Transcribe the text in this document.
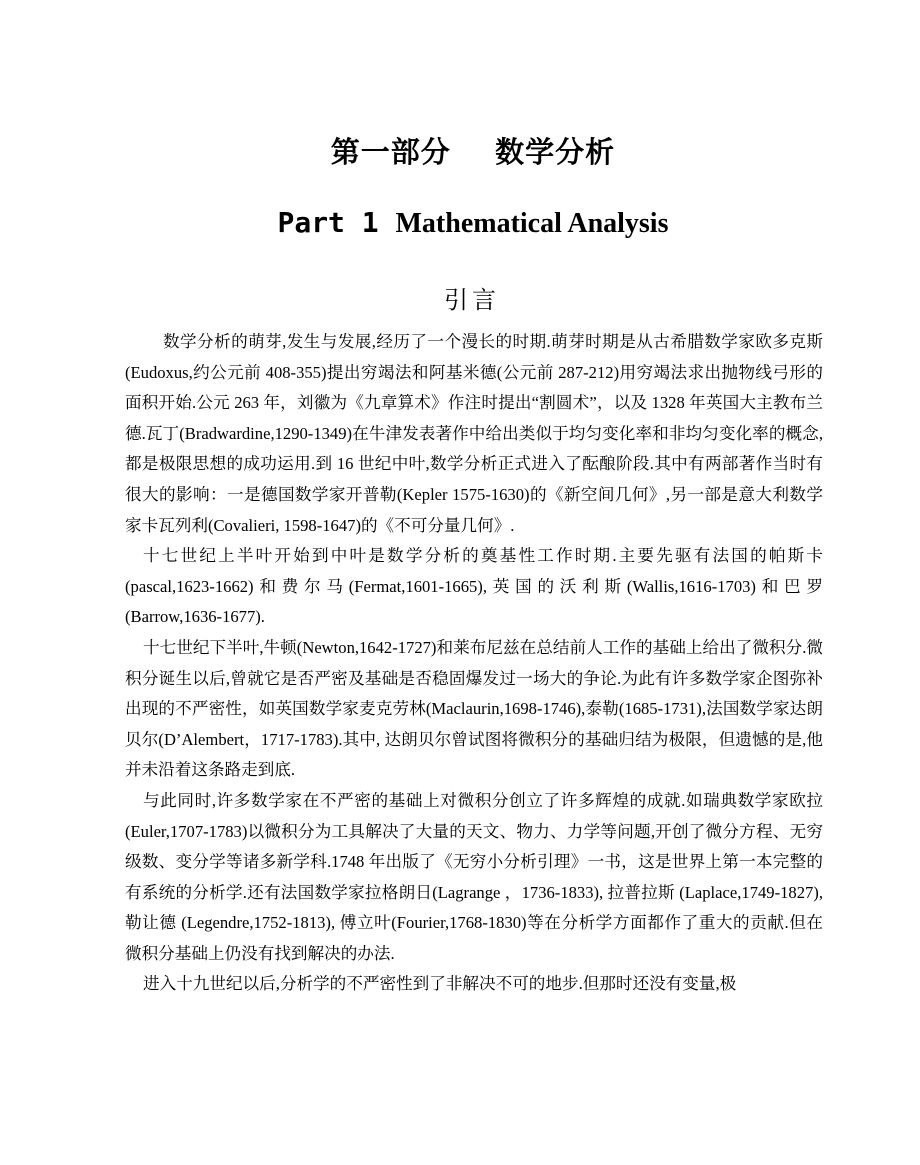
第一部分    数学分析
Part 1 Mathematical Analysis
引言

数学分析的萌芽,发生与发展,经历了一个漫长的时期.萌芽时期是从古希腊数学家欧多克斯(Eudoxus,约公元前 408-355)提出穷竭法和阿基米德(公元前 287-212)用穷竭法求出抛物线弓形的面积开始.公元 263 年，刘徽为《九章算术》作注时提出“割圆术”，以及 1328 年英国大主教布兰德.瓦丁(Bradwardine,1290-1349)在牛津发表著作中给出类似于均匀变化率和非均匀变化率的概念,都是极限思想的成功运用.到 16 世纪中叶,数学分析正式进入了酝酿阶段.其中有两部著作当时有很大的影响：一是德国数学家开普勒(Kepler 1575-1630)的《新空间几何》,另一部是意大利数学家卡瓦列利(Covalieri, 1598-1647)的《不可分量几何》.

十七世纪上半叶开始到中叶是数学分析的奠基性工作时期.主要先驱有法国的帕斯卡(pascal,1623-1662)和费尔马(Fermat,1601-1665),英国的沃利斯(Wallis,1616-1703)和巴罗(Barrow,1636-1677).

十七世纪下半叶,牛顿(Newton,1642-1727)和莱布尼兹在总结前人工作的基础上给出了微积分.微积分诞生以后,曾就它是否严密及基础是否稳固爆发过一场大的争论.为此有许多数学家企图弥补出现的不严密性，如英国数学家麦克劳林(Maclaurin,1698-1746),泰勒(1685-1731),法国数学家达朗贝尔(D’Alembert，1717-1783).其中, 达朗贝尔曾试图将微积分的基础归结为极限，但遗憾的是,他并未沿着这条路走到底.

与此同时,许多数学家在不严密的基础上对微积分创立了许多辉煌的成就.如瑞典数学家欧拉(Euler,1707-1783)以微积分为工具解决了大量的天文、物力、力学等问题,开创了微分方程、无穷级数、变分学等诸多新学科.1748 年出版了《无穷小分析引理》一书，这是世界上第一本完整的有系统的分析学.还有法国数学家拉格朗日(Lagrange ，1736-1833), 拉普拉斯 (Laplace,1749-1827), 勒让德 (Legendre,1752-1813), 傅立叶(Fourier,1768-1830)等在分析学方面都作了重大的贡献.但在微积分基础上仍没有找到解决的办法.

进入十九世纪以后,分析学的不严密性到了非解决不可的地步.但那时还没有变量,极
